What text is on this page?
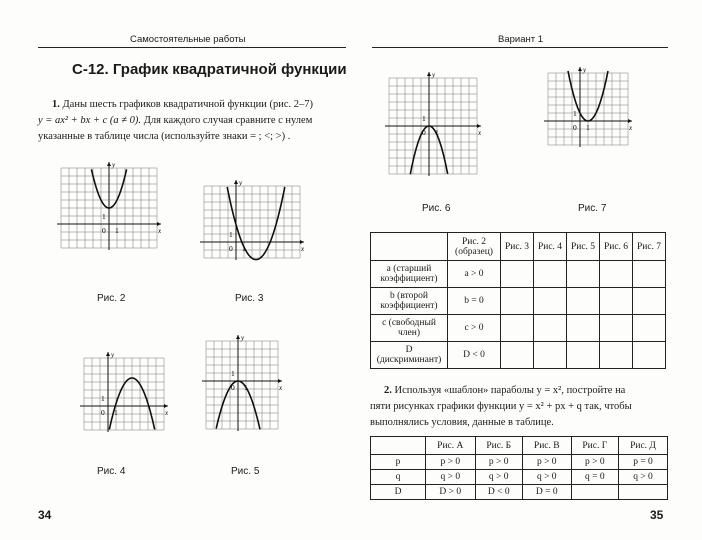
Самостоятельные работы
С-12. График квадратичной функции
1. Даны шесть графиков квадратичной функции (рис. 2–7)
y = ax² + bx + c (a ≠ 0). Для каждого случая сравните с нулем
указанные в таблице числа (используйте знаки = ; <; >) .
x
y
0 1
1
x
y
0 1
1
x
y
0 1
1
x
y
0 1
1
Рис. 2	Рис. 3
Рис. 4	Рис. 5
34
Вариант 1
x
y
0 1
1
x
y
0 1
1
Рис. 6	Рис. 7
	Рис. 2 (образец)	Рис. 3	Рис. 4	Рис. 5	Рис. 6	Рис. 7
a (старший коэффициент)	a > 0					
b (второй коэффициент)	b = 0					
c (свободный член)	c > 0					
D (дискриминант)	D < 0					
2. Используя «шаблон» параболы y = x², постройте на
пяти рисунках графики функции y = x² + px + q так, чтобы
выполнялись условия, данные в таблице.
	Рис. А	Рис. Б	Рис. В	Рис. Г	Рис. Д
p	p > 0	p > 0	p > 0	p > 0	p = 0
q	q > 0	q > 0	q > 0	q = 0	q > 0
D	D > 0	D < 0	D = 0		
35
